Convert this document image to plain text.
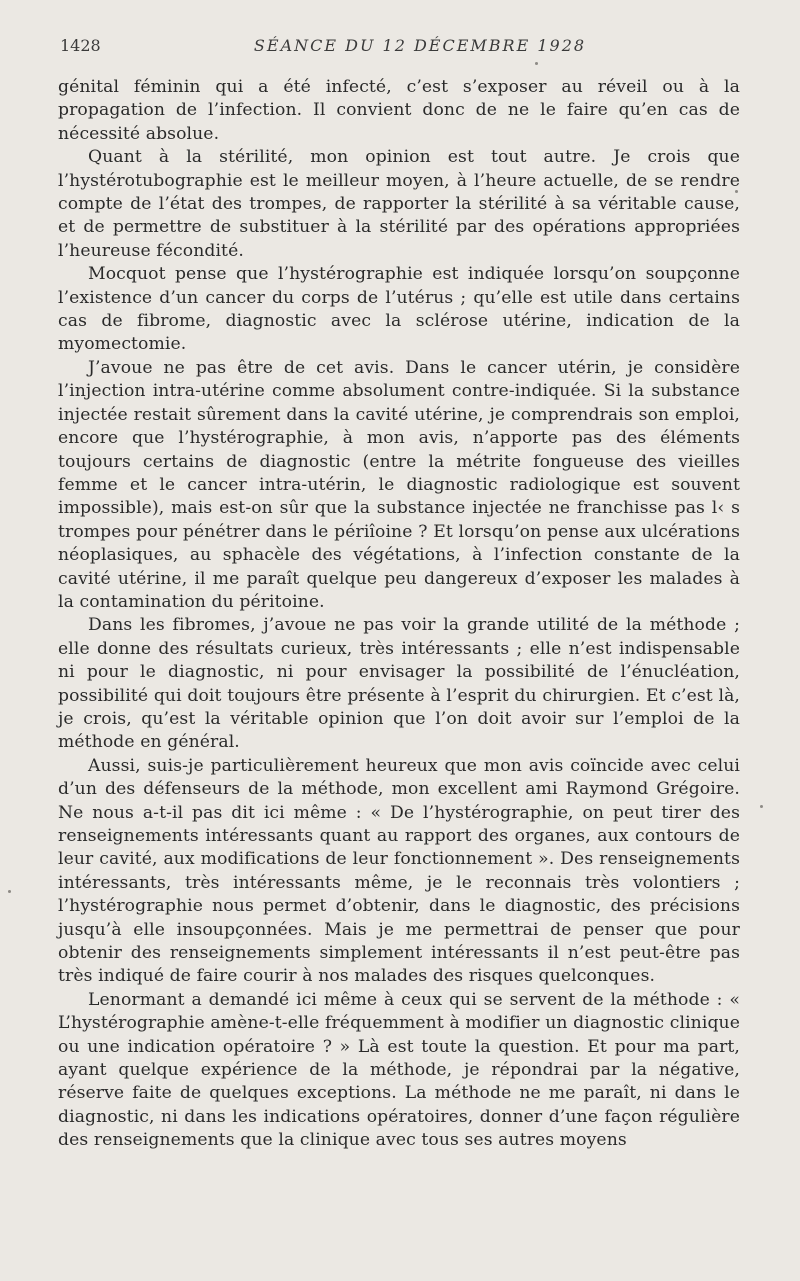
1428	SÉANCE DU 12 DÉCEMBRE 1928

génital féminin qui a été infecté, c’est s’exposer au réveil ou à la propagation de l’infection. Il convient donc de ne le faire qu’en cas de nécessité absolue.

Quant à la stérilité, mon opinion est tout autre. Je crois que l’hystérotubographie est le meilleur moyen, à l’heure actuelle, de se rendre compte de l’état des trompes, de rapporter la stérilité à sa véritable cause, et de permettre de substituer à la stérilité par des opérations appropriées l’heureuse fécondité.

Mocquot pense que l’hystérographie est indiquée lorsqu’on soupçonne l’existence d’un cancer du corps de l’utérus ; qu’elle est utile dans certains cas de fibrome, diagnostic avec la sclérose utérine, indication de la myomectomie.

J’avoue ne pas être de cet avis. Dans le cancer utérin, je considère l’injection intra-utérine comme absolument contre-indiquée. Si la substance injectée restait sûrement dans la cavité utérine, je comprendrais son emploi, encore que l’hystérographie, à mon avis, n’apporte pas des éléments toujours certains de diagnostic (entre la métrite fongueuse des vieilles femme et le cancer intra-utérin, le diagnostic radiologique est souvent impossible), mais est-on sûr que la substance injectée ne franchisse pas l‹ s trompes pour pénétrer dans le périîoine ? Et lorsqu’on pense aux ulcérations néoplasiques, au sphacèle des végétations, à l’infection constante de la cavité utérine, il me paraît quelque peu dangereux d’exposer les malades à la contamination du péritoine.

Dans les fibromes, j’avoue ne pas voir la grande utilité de la méthode ; elle donne des résultats curieux, très intéressants ; elle n’est indispensable ni pour le diagnostic, ni pour envisager la possibilité de l’énucléation, possibilité qui doit toujours être présente à l’esprit du chirurgien. Et c’est là, je crois, qu’est la véritable opinion que l’on doit avoir sur l’emploi de la méthode en général.

Aussi, suis-je particulièrement heureux que mon avis coïncide avec celui d’un des défenseurs de la méthode, mon excellent ami Raymond Grégoire. Ne nous a-t-il pas dit ici même : « De l’hystérographie, on peut tirer des renseignements intéressants quant au rapport des organes, aux contours de leur cavité, aux modifications de leur fonctionnement ». Des renseignements intéressants, très intéressants même, je le reconnais très volontiers ; l’hystérographie nous permet d’obtenir, dans le diagnostic, des précisions jusqu’à elle insoupçonnées. Mais je me permettrai de penser que pour obtenir des renseignements simplement intéressants il n’est peut-être pas très indiqué de faire courir à nos malades des risques quelconques.

Lenormant a demandé ici même à ceux qui se servent de la méthode : « L’hystérographie amène-t-elle fréquemment à modifier un diagnostic clinique ou une indication opératoire ? » Là est toute la question. Et pour ma part, ayant quelque expérience de la méthode, je répondrai par la négative, réserve faite de quelques exceptions. La méthode ne me paraît, ni dans le diagnostic, ni dans les indications opératoires, donner d’une façon régulière des renseignements que la clinique avec tous ses autres moyens
